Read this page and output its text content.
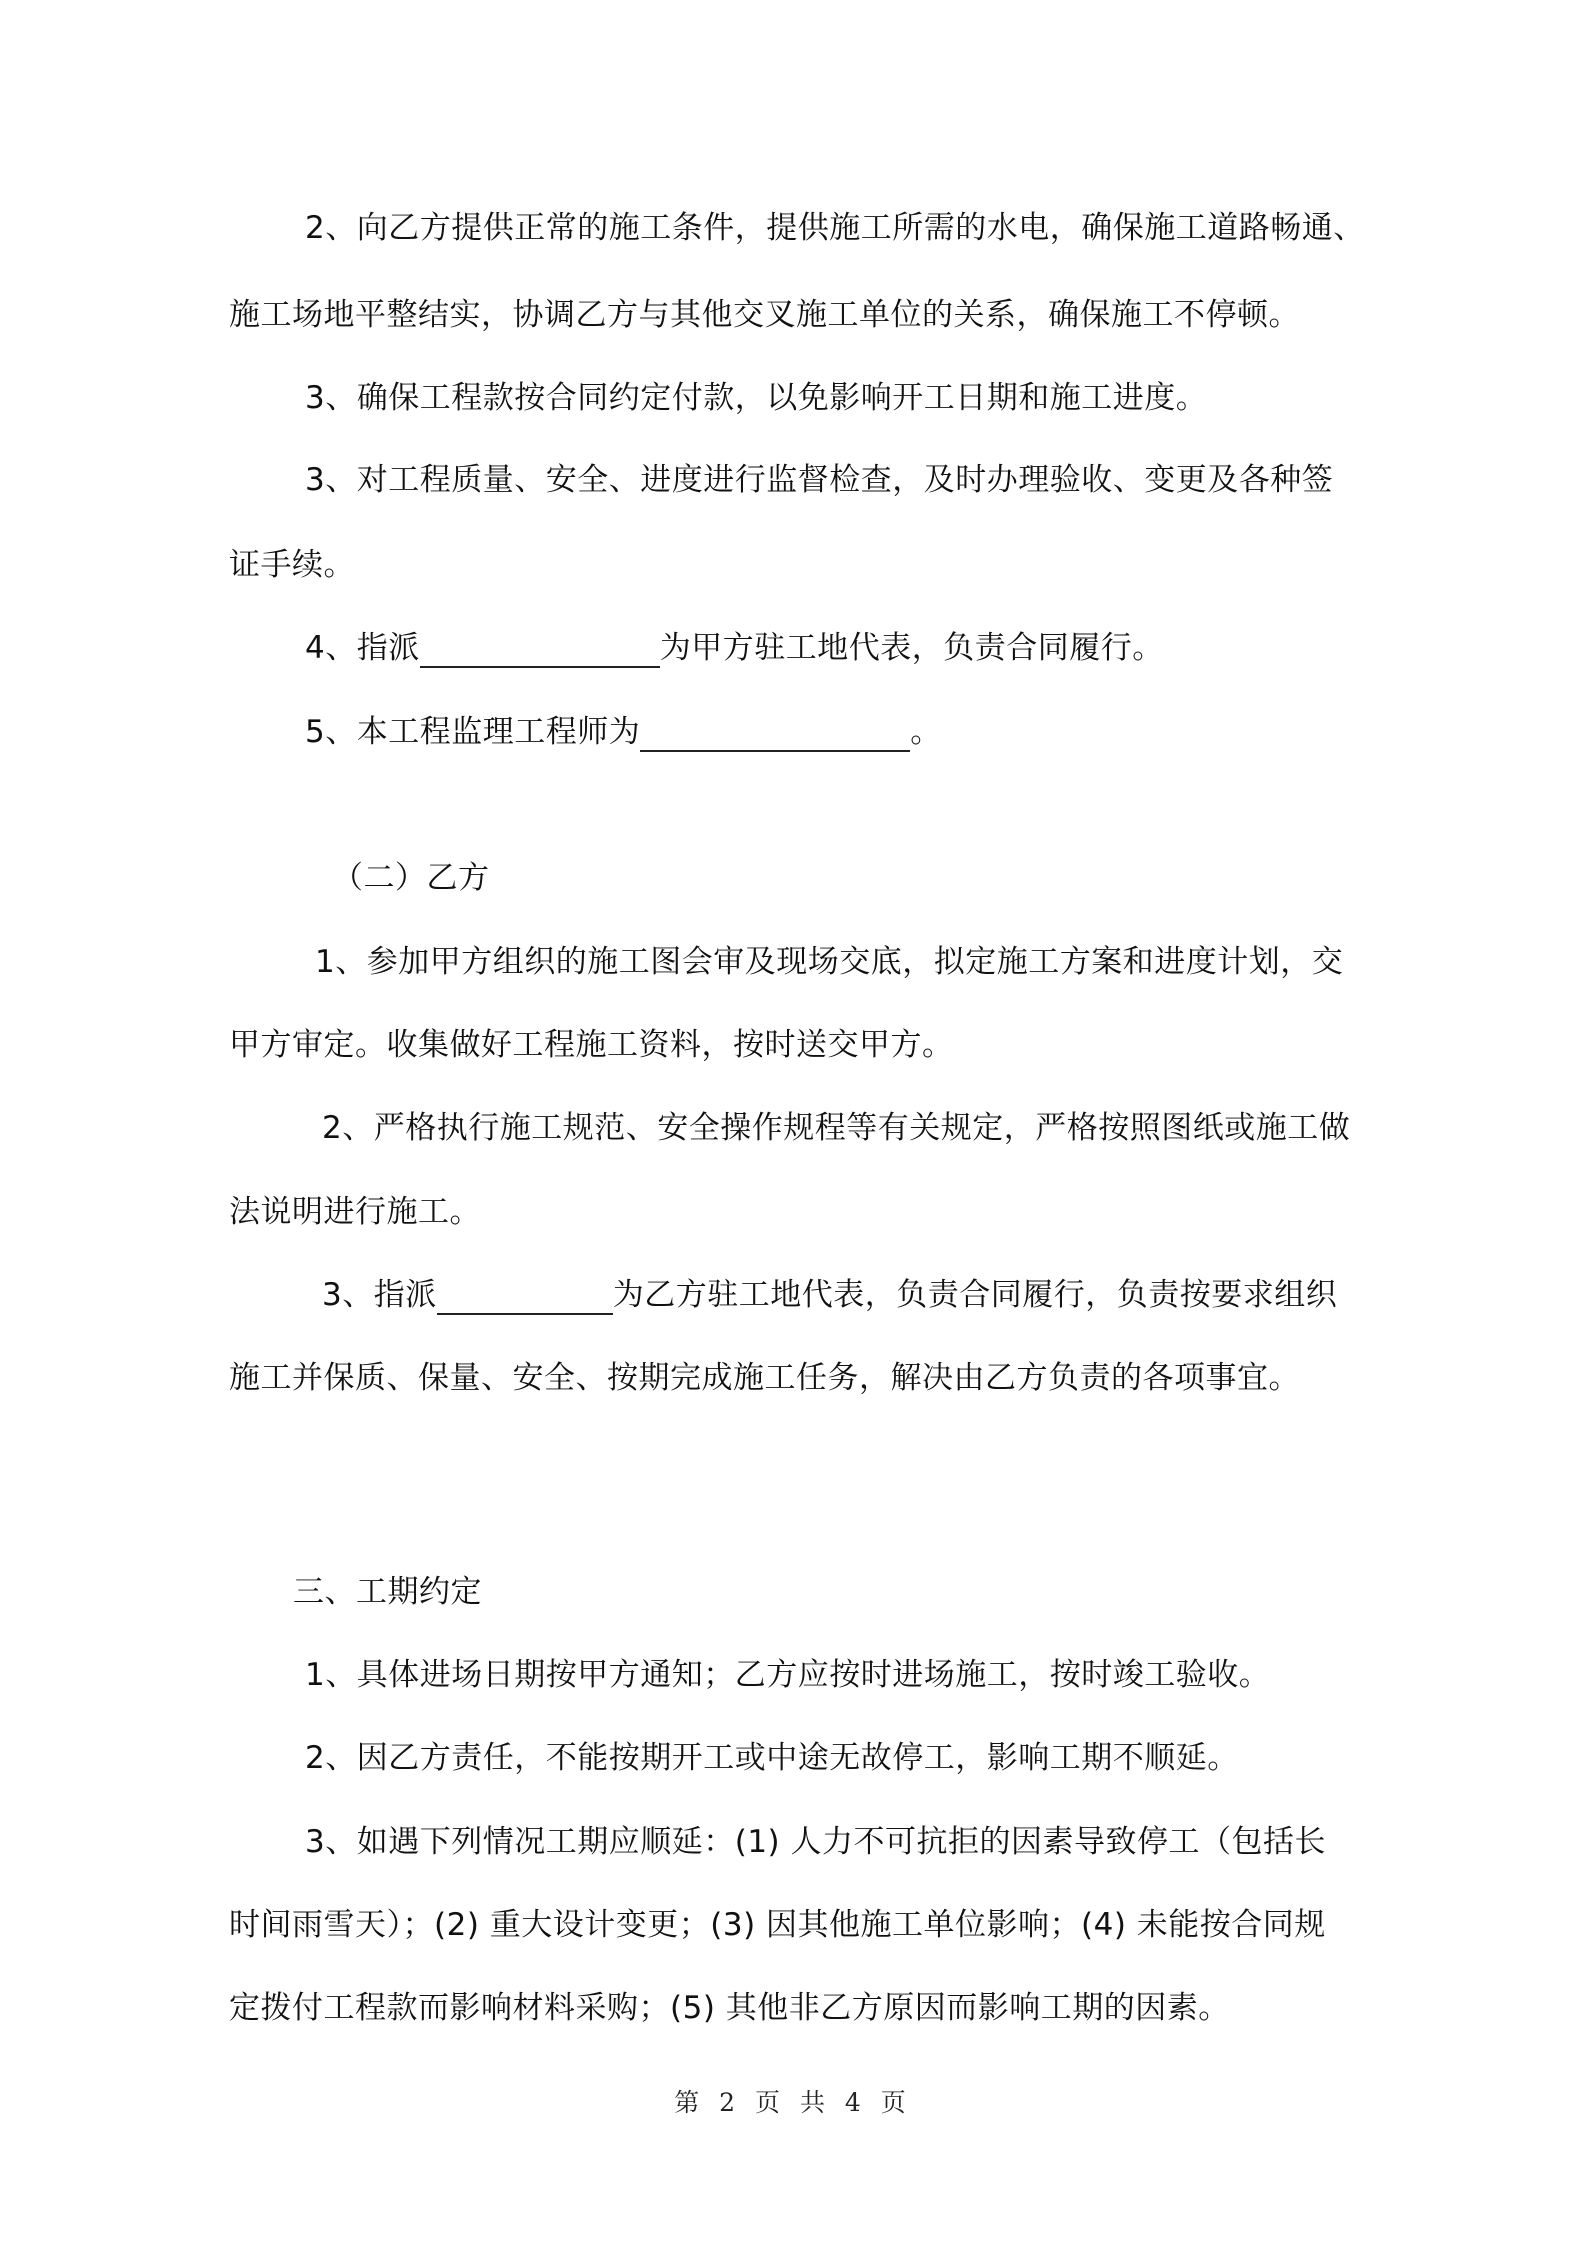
2、向乙方提供正常的施工条件，提供施工所需的水电，确保施工道路畅通、
施工场地平整结实，协调乙方与其他交叉施工单位的关系，确保施工不停顿。
3、确保工程款按合同约定付款，以免影响开工日期和施工进度。
3、对工程质量、安全、进度进行监督检查，及时办理验收、变更及各种签
证手续。
4、指派	为甲方驻工地代表，负责合同履行。
5、本工程监理工程师为	。
（二）乙方
1、参加甲方组织的施工图会审及现场交底，拟定施工方案和进度计划，交
甲方审定。收集做好工程施工资料，按时送交甲方。
2、严格执行施工规范、安全操作规程等有关规定，严格按照图纸或施工做
法说明进行施工。
3、指派	为乙方驻工地代表，负责合同履行，负责按要求组织
施工并保质、保量、安全、按期完成施工任务，解决由乙方负责的各项事宜。
三、工期约定
1、具体进场日期按甲方通知；乙方应按时进场施工，按时竣工验收。
2、因乙方责任，不能按期开工或中途无故停工，影响工期不顺延。
3、如遇下列情况工期应顺延：(1) 人力不可抗拒的因素导致停工（包括长
时间雨雪天）；(2) 重大设计变更；(3) 因其他施工单位影响；(4) 未能按合同规
定拨付工程款而影响材料采购；(5) 其他非乙方原因而影响工期的因素。
第 2 页 共 4 页
